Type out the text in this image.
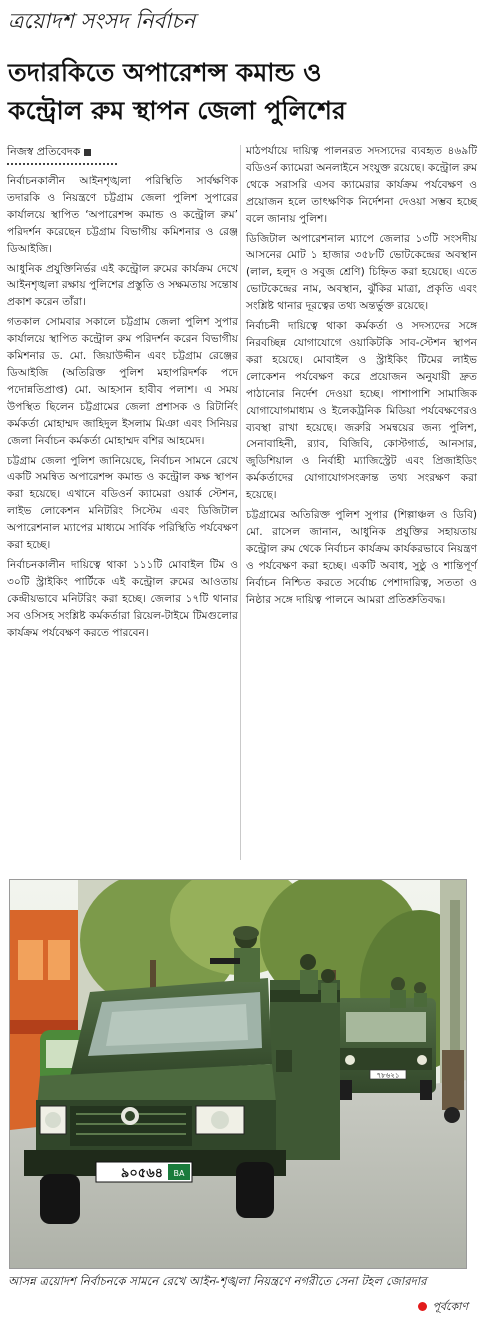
ত্রয়োদশ সংসদ নির্বাচন
তদারকিতে অপারেশন্স কমান্ড ও
কন্ট্রোল রুম স্থাপন জেলা পুলিশের
নিজস্ব প্রতিবেদক

নির্বাচনকালীন আইনশৃঙ্খলা পরিস্থিতি সার্বক্ষণিক তদারকি ও নিয়ন্ত্রণে চট্টগ্রাম জেলা পুলিশ সুপারের কার্যালয়ে স্থাপিত ‘অপারেশন্স কমান্ড ও কন্ট্রোল রুম’ পরিদর্শন করেছেন চট্টগ্রাম বিভাগীয় কমিশনার ও রেঞ্জ ডিআইজি।

আধুনিক প্রযুক্তিনির্ভর এই কন্ট্রোল রুমের কার্যক্রম দেখে আইনশৃঙ্খলা রক্ষায় পুলিশের প্রস্তুতি ও সক্ষমতায় সন্তোষ প্রকাশ করেন তাঁরা।

গতকাল সোমবার সকালে চট্টগ্রাম জেলা পুলিশ সুপার কার্যালয়ে স্থাপিত কন্ট্রোল রুম পরিদর্শন করেন বিভাগীয় কমিশনার ড. মো. জিয়াউদ্দীন এবং চট্টগ্রাম রেঞ্জের ডিআইজি (অতিরিক্ত পুলিশ মহাপরিদর্শক পদে পদোন্নতিপ্রাপ্ত) মো. আহসান হাবীব পলাশ। এ সময় উপস্থিত ছিলেন চট্টগ্রামের জেলা প্রশাসক ও রিটার্নিং কর্মকর্তা মোহাম্মদ জাহিদুল ইসলাম মিঞা এবং সিনিয়র জেলা নির্বাচন কর্মকর্তা মোহাম্মদ বশির আহমেদ।

চট্টগ্রাম জেলা পুলিশ জানিয়েছে, নির্বাচন সামনে রেখে একটি সমন্বিত অপারেশন্স কমান্ড ও কন্ট্রোল কক্ষ স্থাপন করা হয়েছে। এখানে বডিওর্ন ক্যামেরা ওয়ার্ক স্টেশন, লাইভ লোকেশন মনিটরিং সিস্টেম এবং ডিজিটাল অপারেশনাল ম্যাপের মাধ্যমে সার্বিক পরিস্থিতি পর্যবেক্ষণ করা হচ্ছে।

নির্বাচনকালীন দায়িত্বে থাকা ১১১টি মোবাইল টিম ও ৩০টি স্ট্রাইকিং পার্টিকে এই কন্ট্রোল রুমের আওতায় কেন্দ্রীয়ভাবে মনিটরিং করা হচ্ছে। জেলার ১৭টি থানার সব ওসিসহ সংশ্লিষ্ট কর্মকর্তারা রিয়েল-টাইমে টিমগুলোর কার্যক্রম পর্যবেক্ষণ করতে পারবেন।

মাঠপর্যায়ে দায়িত্ব পালনরত সদস্যদের ব্যবহৃত ৪৬৯টি বডিওর্ন ক্যামেরা অনলাইনে সংযুক্ত রয়েছে। কন্ট্রোল রুম থেকে সরাসরি এসব ক্যামেরার কার্যক্রম পর্যবেক্ষণ ও প্রয়োজন হলে তাৎক্ষণিক নির্দেশনা দেওয়া সম্ভব হচ্ছে বলে জানায় পুলিশ।

ডিজিটাল অপারেশনাল ম্যাপে জেলার ১৩টি সংসদীয় আসনের মোট ১ হাজার ৩৫৮টি ভোটকেন্দ্রের অবস্থান (লাল, হলুদ ও সবুজ শ্রেণি) চিহ্নিত করা হয়েছে। এতে ভোটকেন্দ্রের নাম, অবস্থান, ঝুঁকির মাত্রা, প্রকৃতি এবং সংশ্লিষ্ট থানার দূরত্বের তথ্য অন্তর্ভুক্ত রয়েছে।

নির্বাচনী দায়িত্বে থাকা কর্মকর্তা ও সদস্যদের সঙ্গে নিরবচ্ছিন্ন যোগাযোগে ওয়াকিটকি সাব-স্টেশন স্থাপন করা হয়েছে। মোবাইল ও স্ট্রাইকিং টিমের লাইভ লোকেশন পর্যবেক্ষণ করে প্রয়োজন অনুযায়ী দ্রুত পাঠানোর নির্দেশ দেওয়া হচ্ছে। পাশাপাশি সামাজিক যোগাযোগমাধ্যম ও ইলেকট্রনিক মিডিয়া পর্যবেক্ষণেরও ব্যবস্থা রাখা হয়েছে। জরুরি সমন্বয়ের জন্য পুলিশ, সেনাবাহিনী, র‍্যাব, বিজিবি, কোস্টগার্ড, আনসার, জুডিশিয়াল ও নির্বাহী ম্যাজিস্ট্রেট এবং প্রিজাইডিং কর্মকর্তাদের যোগাযোগসংক্রান্ত তথ্য সংরক্ষণ করা হয়েছে।

চট্টগ্রামের অতিরিক্ত পুলিশ সুপার (শিল্পাঞ্চল ও ডিবি) মো. রাসেল জানান, আধুনিক প্রযুক্তির সহায়তায় কন্ট্রোল রুম থেকে নির্বাচন কার্যক্রম কার্যকরভাবে নিয়ন্ত্রণ ও পর্যবেক্ষণ করা হচ্ছে। একটি অবাধ, সুষ্ঠু ও শান্তিপূর্ণ নির্বাচন নিশ্চিত করতে সর্বোচ্চ পেশাদারিত্ব, সততা ও নিষ্ঠার সঙ্গে দায়িত্ব পালনে আমরা প্রতিশ্রুতিবদ্ধ।

৭৮৬২১
৯০৫৬৪ BA

আসন্ন ত্রয়োদশ নির্বাচনকে সামনে রেখে আইন-শৃঙ্খলা নিয়ন্ত্রণে নগরীতে সেনা টহল জোরদার

পূর্বকোণ
